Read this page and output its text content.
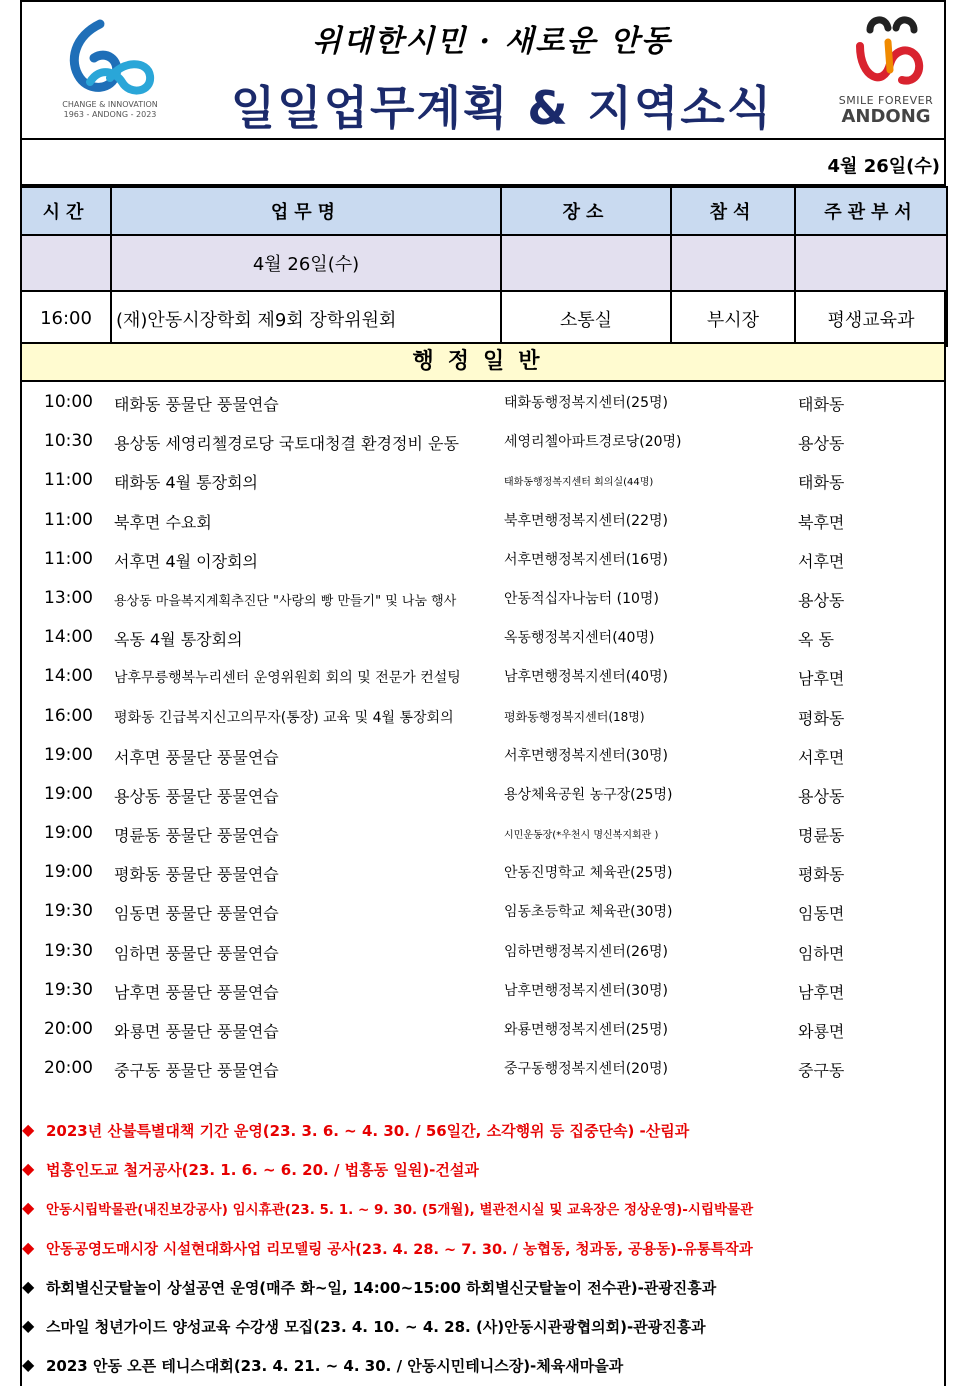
CHANGE & INNOVATION
1963 - ANDONG - 2023
위대한시민 · 새로운 안동
일일업무계획 & 지역소식	SMILE FOREVER
ANDONG
4월 26일(수)
시간	업무명	장소	참석	주관부서
	4월 26일(수)			
16:00	(재)안동시장학회 제9회 장학위원회	소통실	부시장	평생교육과
행정일반
10:00 태화동 풍물단 풍물연습	태화동행정복지센터(25명)	태화동
10:30 용상동 세영리첼경로당 국토대청결 환경정비 운동	세영리첼아파트경로당(20명)	용상동
11:00 태화동 4월 통장회의	태화동행정복지센터 회의실(44명)	태화동
11:00 북후면 수요회	북후면행정복지센터(22명)	북후면
11:00 서후면 4월 이장회의	서후면행정복지센터(16명)	서후면
13:00 용상동 마을복지계획추진단 "사랑의 빵 만들기" 및 나눔 행사	안동적십자나눔터 (10명)	용상동
14:00 옥동 4월 통장회의	옥동행정복지센터(40명)	옥 동
14:00 남후무릉행복누리센터 운영위원회 회의 및 전문가 컨설팅	남후면행정복지센터(40명)	남후면
16:00 평화동 긴급복지신고의무자(통장) 교육 및 4월 통장회의	평화동행정복지센터(18명)	평화동
19:00 서후면 풍물단 풍물연습	서후면행정복지센터(30명)	서후면
19:00 용상동 풍물단 풍물연습	용상체육공원 농구장(25명)	용상동
19:00 명륜동 풍물단 풍물연습	시민운동장(*우천시 명신복지회관 )	명륜동
19:00 평화동 풍물단 풍물연습	안동진명학교 체육관(25명)	평화동
19:30 임동면 풍물단 풍물연습	임동초등학교 체육관(30명)	임동면
19:30 임하면 풍물단 풍물연습	임하면행정복지센터(26명)	임하면
19:30 남후면 풍물단 풍물연습	남후면행정복지센터(30명)	남후면
20:00 와룡면 풍물단 풍물연습	와룡면행정복지센터(25명)	와룡면
20:00 중구동 풍물단 풍물연습	중구동행정복지센터(20명)	중구동
◆ 2023년 산불특별대책 기간 운영(23. 3. 6. ~ 4. 30. / 56일간, 소각행위 등 집중단속) -산림과
◆ 법흥인도교 철거공사(23. 1. 6. ~ 6. 20. / 법흥동 일원)-건설과
◆ 안동시립박물관(내진보강공사) 임시휴관(23. 5. 1. ~ 9. 30. (5개월), 별관전시실 및 교육장은 정상운영)-시립박물관
◆ 안동공영도매시장 시설현대화사업 리모델링 공사(23. 4. 28. ~ 7. 30. / 농협동, 청과동, 공용동)-유통특작과
◆ 하회별신굿탈놀이 상설공연 운영(매주 화~일, 14:00~15:00 하회별신굿탈놀이 전수관)-관광진흥과
◆ 스마일 청년가이드 양성교육 수강생 모집(23. 4. 10. ~ 4. 28. (사)안동시관광협의회)-관광진흥과
◆ 2023 안동 오픈 테니스대회(23. 4. 21. ~ 4. 30. / 안동시민테니스장)-체육새마을과
